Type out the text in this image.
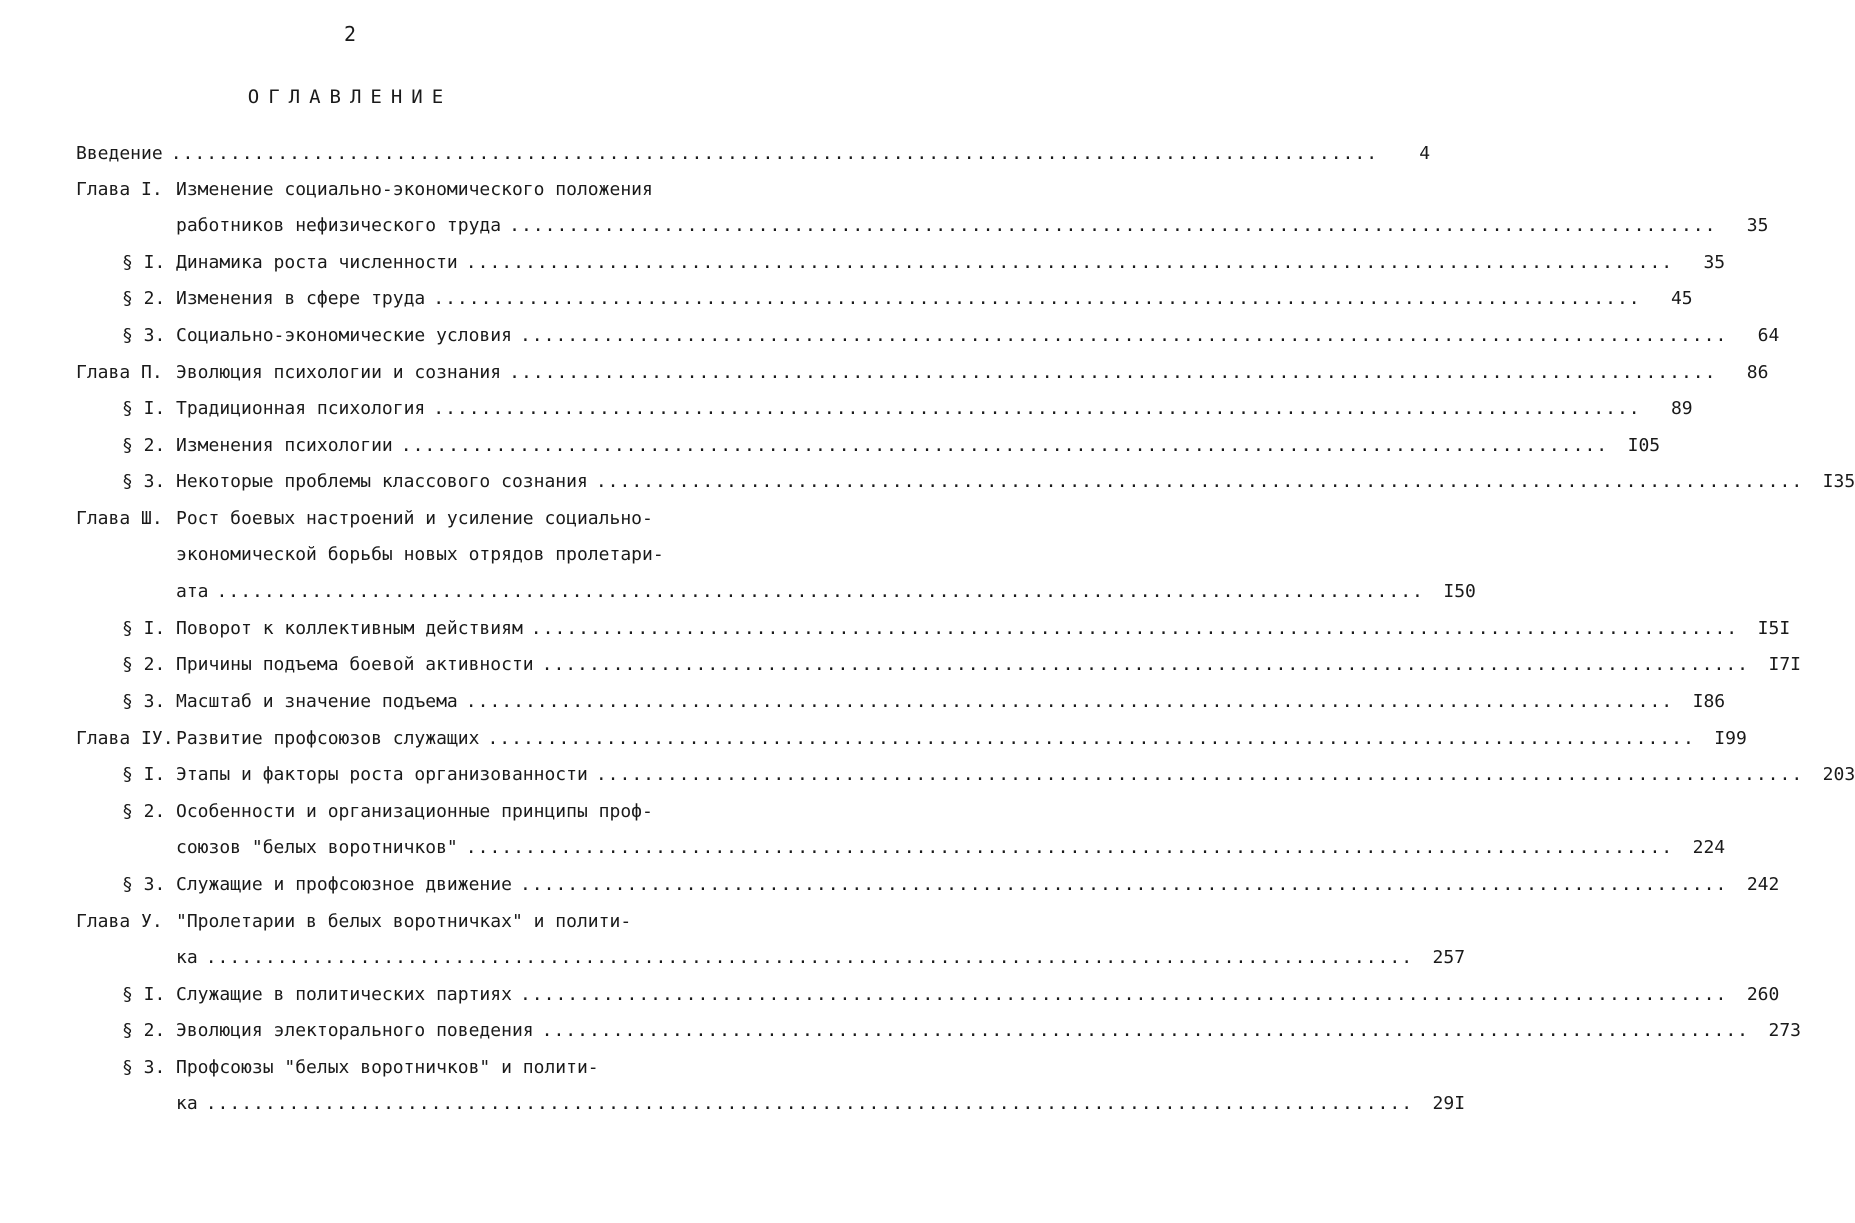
2
ОГЛАВЛЕНИЕ
Введение ......................................................................................................	4
Глава I. Изменение социально-экономического положения
работников нефизического труда ......................................................................................................	35
§ I. Динамика роста численности ......................................................................................................	35
§ 2. Изменения в сфере труда ......................................................................................................	45
§ 3. Социально-экономические условия ......................................................................................................	64
Глава П. Эволюция психологии и сознания ......................................................................................................	86
§ I. Традиционная психология ......................................................................................................	89
§ 2. Изменения психологии ......................................................................................................	I05
§ 3. Некоторые проблемы классового сознания ......................................................................................................	I35
Глава Ш. Рост боевых настроений и усиление социально-
экономической борьбы новых отрядов пролетари-
ата ......................................................................................................	I50
§ I. Поворот к коллективным действиям ......................................................................................................	I5I
§ 2. Причины подъема боевой активности ......................................................................................................	I7I
§ 3. Масштаб и значение подъема ......................................................................................................	I86
Глава IУ. Развитие профсоюзов служащих ......................................................................................................	I99
§ I. Этапы и факторы роста организованности ......................................................................................................	203
§ 2. Особенности и организационные принципы проф-
союзов "белых воротничков" ......................................................................................................	224
§ 3. Служащие и профсоюзное движение ......................................................................................................	242
Глава У. "Пролетарии в белых воротничках" и полити-
ка ......................................................................................................	257
§ I. Служащие в политических партиях ......................................................................................................	260
§ 2. Эволюция электорального поведения ......................................................................................................	273
§ 3. Профсоюзы "белых воротничков" и полити-
ка ......................................................................................................	29I
